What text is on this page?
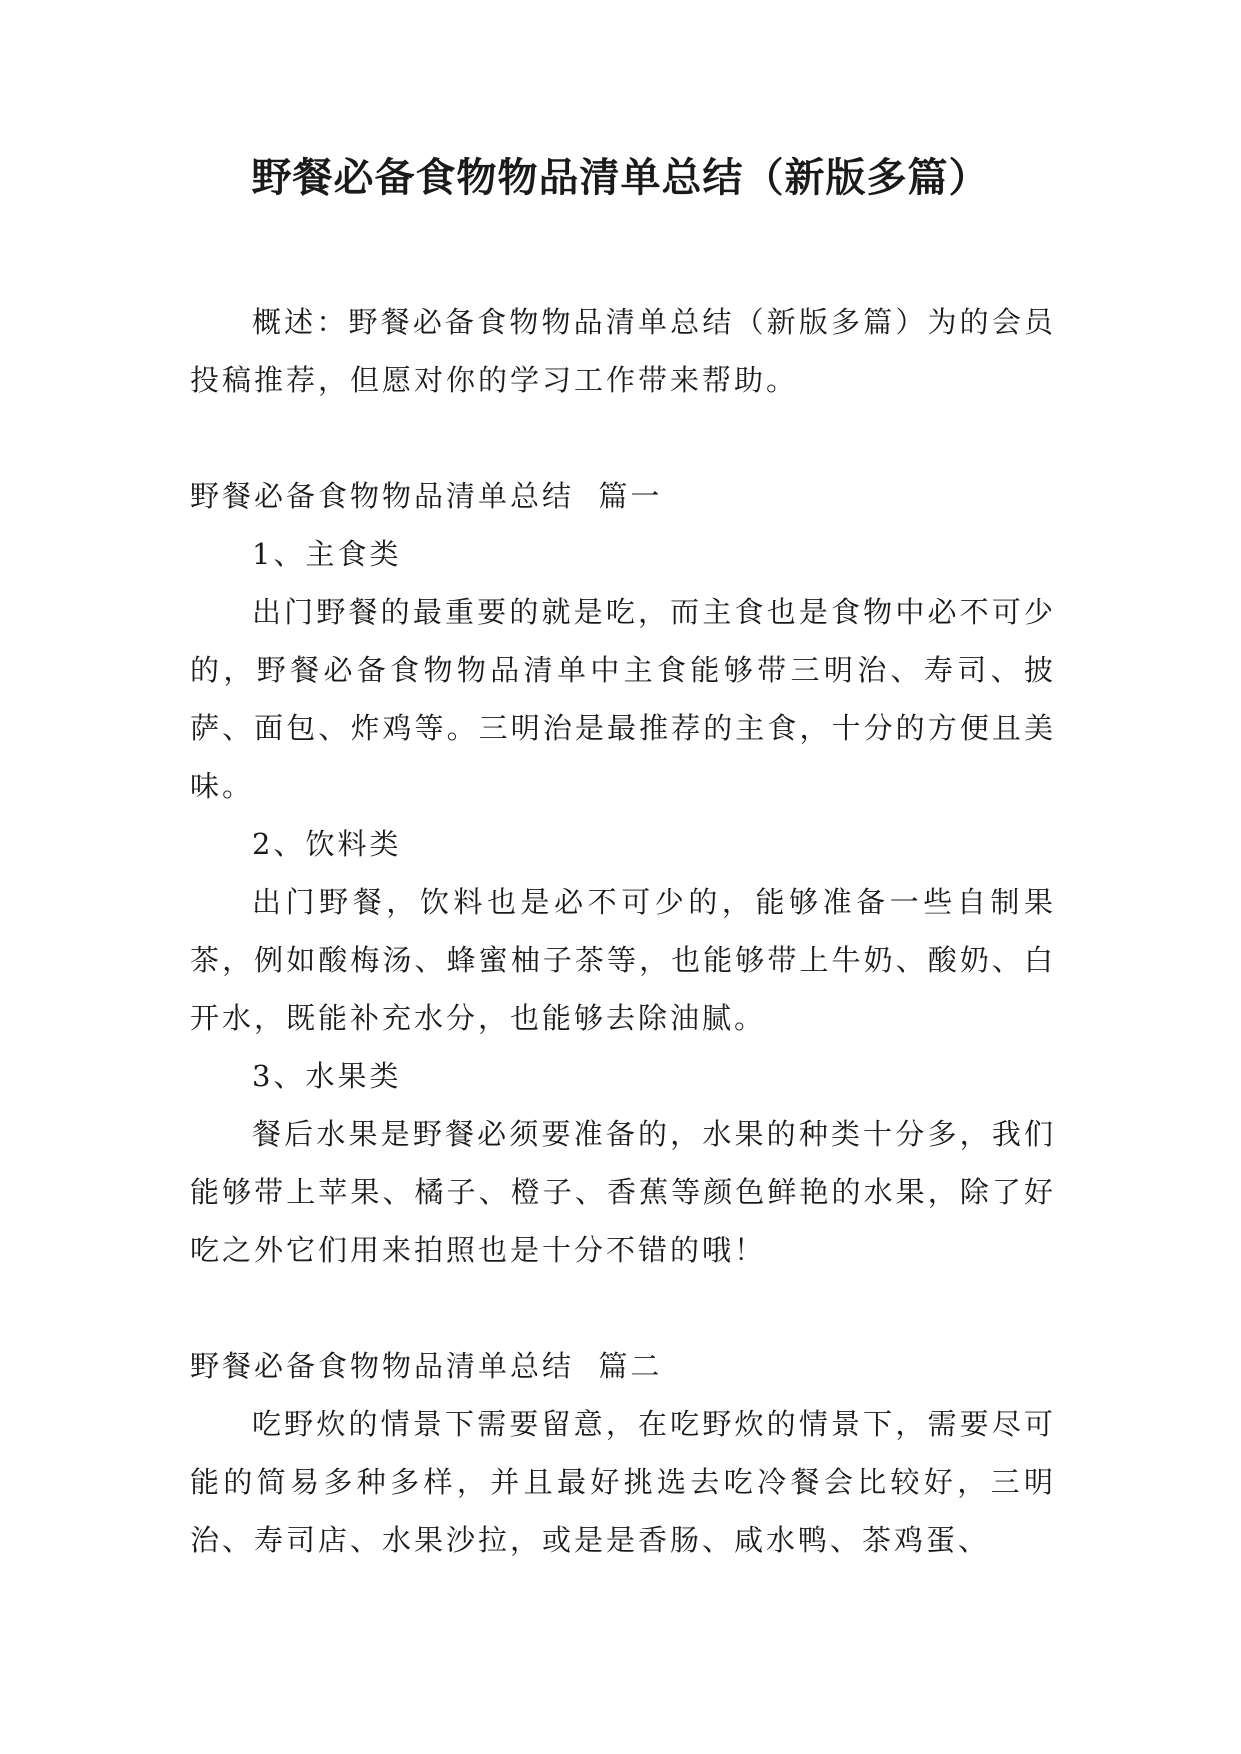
野餐必备食物物品清单总结（新版多篇）

概述：野餐必备食物物品清单总结（新版多篇）为的会员投稿推荐，但愿对你的学习工作带来帮助。

野餐必备食物物品清单总结  篇一

1、主食类

出门野餐的最重要的就是吃，而主食也是食物中必不可少的，野餐必备食物物品清单中主食能够带三明治、寿司、披萨、面包、炸鸡等。三明治是最推荐的主食，十分的方便且美味。

2、饮料类

出门野餐，饮料也是必不可少的，能够准备一些自制果茶，例如酸梅汤、蜂蜜柚子茶等，也能够带上牛奶、酸奶、白开水，既能补充水分，也能够去除油腻。

3、水果类

餐后水果是野餐必须要准备的，水果的种类十分多，我们能够带上苹果、橘子、橙子、香蕉等颜色鲜艳的水果，除了好吃之外它们用来拍照也是十分不错的哦！

野餐必备食物物品清单总结  篇二

吃野炊的情景下需要留意，在吃野炊的情景下，需要尽可能的简易多种多样，并且最好挑选去吃冷餐会比较好，三明治、寿司店、水果沙拉，或是是香肠、咸水鸭、茶鸡蛋、
